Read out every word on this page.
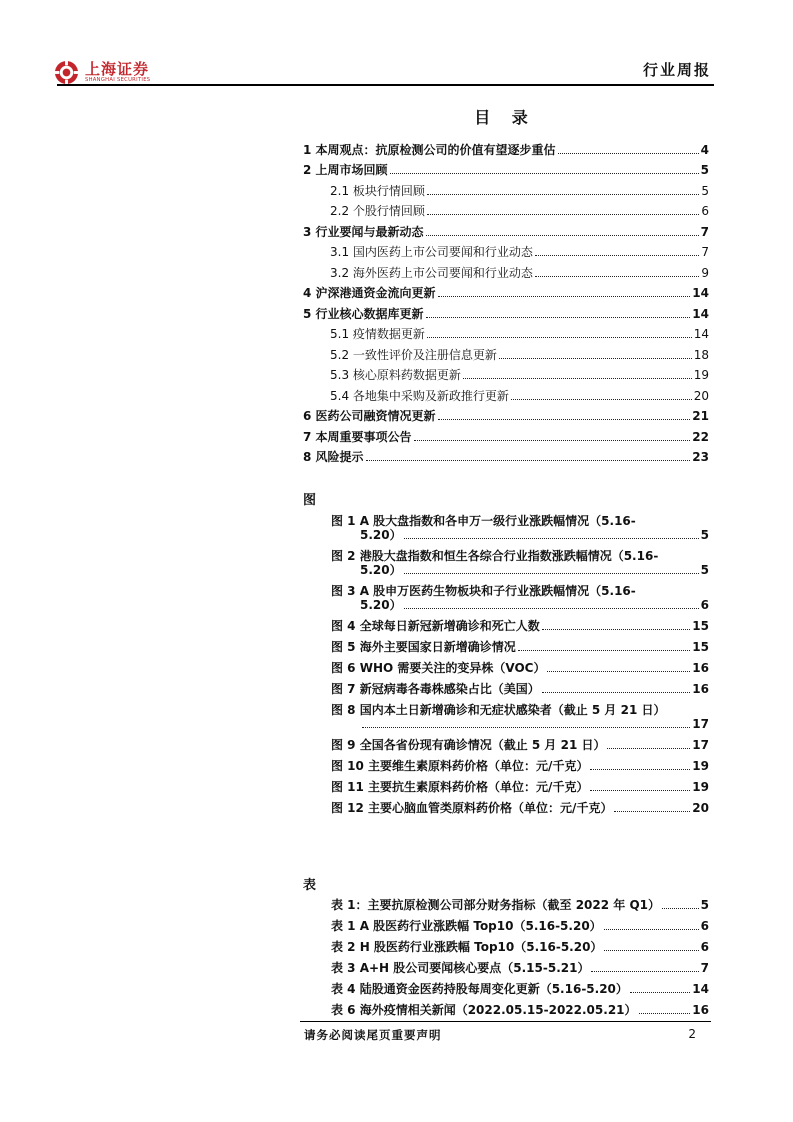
上海证券
SHANGHAI SECURITIES
行业周报
目 录
1 本周观点：抗原检测公司的价值有望逐步重估	4
2 上周市场回顾	5
2.1 板块行情回顾	5
2.2 个股行情回顾	6
3 行业要闻与最新动态	7
3.1 国内医药上市公司要闻和行业动态	7
3.2 海外医药上市公司要闻和行业动态	9
4 沪深港通资金流向更新	14
5 行业核心数据库更新	14
5.1 疫情数据更新	14
5.2 一致性评价及注册信息更新	18
5.3 核心原料药数据更新	19
5.4 各地集中采购及新政推行更新	20
6 医药公司融资情况更新	21
7 本周重要事项公告	22
8 风险提示	23
图
图 1 A 股大盘指数和各申万一级行业涨跌幅情况（5.16-
5.20）	5
图 2 港股大盘指数和恒生各综合行业指数涨跌幅情况（5.16-
5.20）	5
图 3 A 股申万医药生物板块和子行业涨跌幅情况（5.16-
5.20）	6
图 4 全球每日新冠新增确诊和死亡人数	15
图 5 海外主要国家日新增确诊情况	15
图 6 WHO 需要关注的变异株（VOC）	16
图 7 新冠病毒各毒株感染占比（美国）	16
图 8 国内本土日新增确诊和无症状感染者（截止 5 月 21 日）
17
图 9 全国各省份现有确诊情况（截止 5 月 21 日）	17
图 10 主要维生素原料药价格（单位：元/千克）	19
图 11 主要抗生素原料药价格（单位：元/千克）	19
图 12 主要心脑血管类原料药价格（单位：元/千克）	20
表
表 1：主要抗原检测公司部分财务指标（截至 2022 年 Q1）	5
表 1 A 股医药行业涨跌幅 Top10（5.16-5.20）	6
表 2 H 股医药行业涨跌幅 Top10（5.16-5.20）	6
表 3 A+H 股公司要闻核心要点（5.15-5.21）	7
表 4 陆股通资金医药持股每周变化更新（5.16-5.20）	14
表 6 海外疫情相关新闻（2022.05.15-2022.05.21）	16
请务必阅读尾页重要声明	2
